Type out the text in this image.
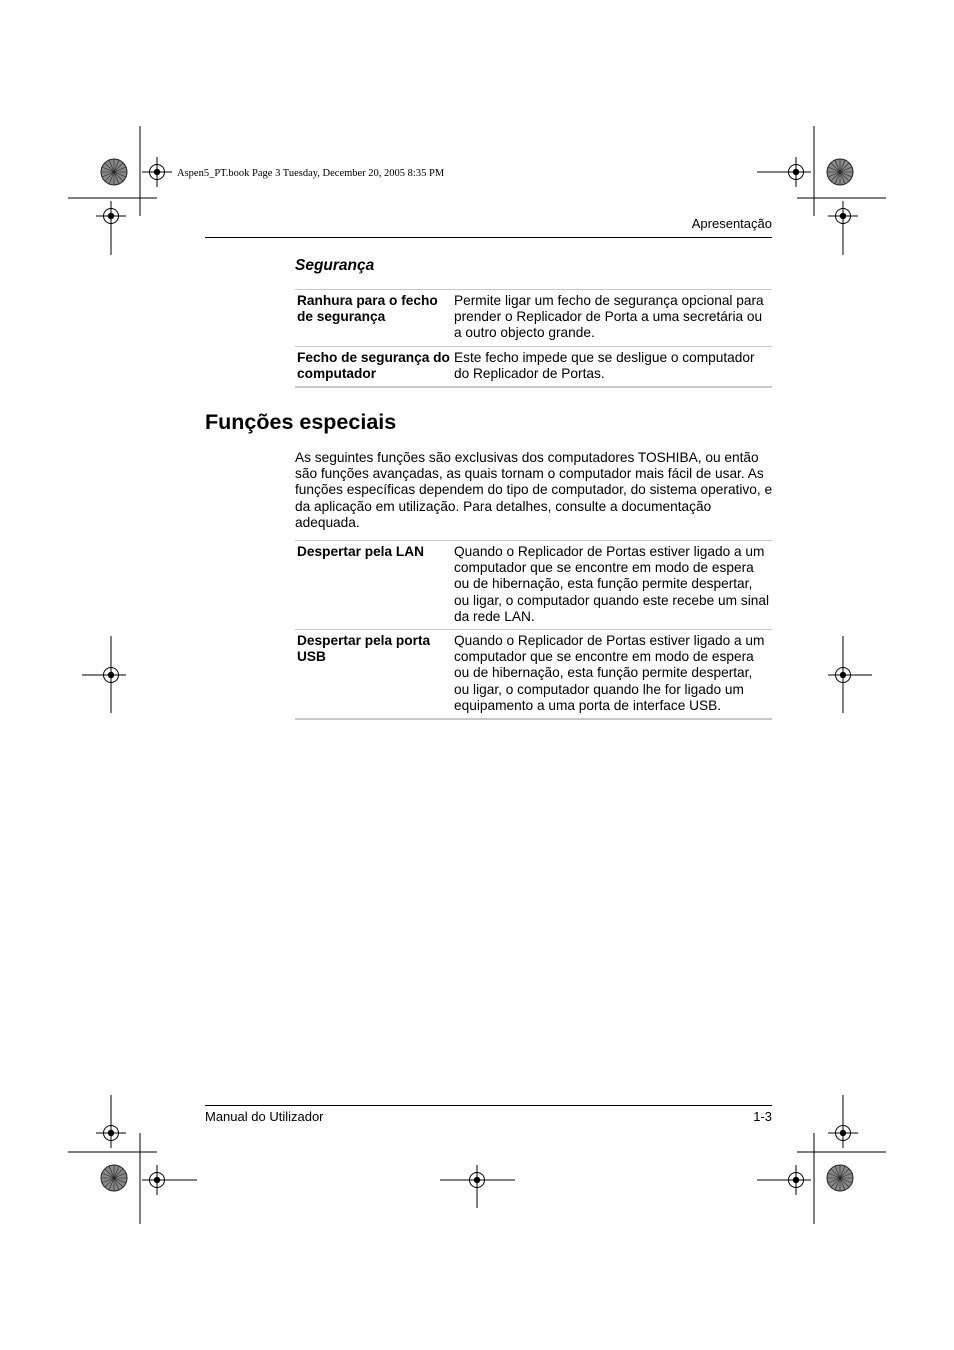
Aspen5_PT.book Page 3 Tuesday, December 20, 2005 8:35 PM
Apresentação
Segurança
Ranhura para o fecho de segurança	Permite ligar um fecho de segurança opcional para prender o Replicador de Porta a uma secretária ou a outro objecto grande.
Fecho de segurança do computador	Este fecho impede que se desligue o computador do Replicador de Portas.
Funções especiais
As seguintes funções são exclusivas dos computadores TOSHIBA, ou então são funções avançadas, as quais tornam o computador mais fácil de usar. As funções específicas dependem do tipo de computador, do sistema operativo, e da aplicação em utilização. Para detalhes, consulte a documentação adequada.
Despertar pela LAN	Quando o Replicador de Portas estiver ligado a um computador que se encontre em modo de espera ou de hibernação, esta função permite despertar, ou ligar, o computador quando este recebe um sinal da rede LAN.
Despertar pela porta USB	Quando o Replicador de Portas estiver ligado a um computador que se encontre em modo de espera ou de hibernação, esta função permite despertar, ou ligar, o computador quando lhe for ligado um equipamento a uma porta de interface USB.
Manual do Utilizador	1-3
